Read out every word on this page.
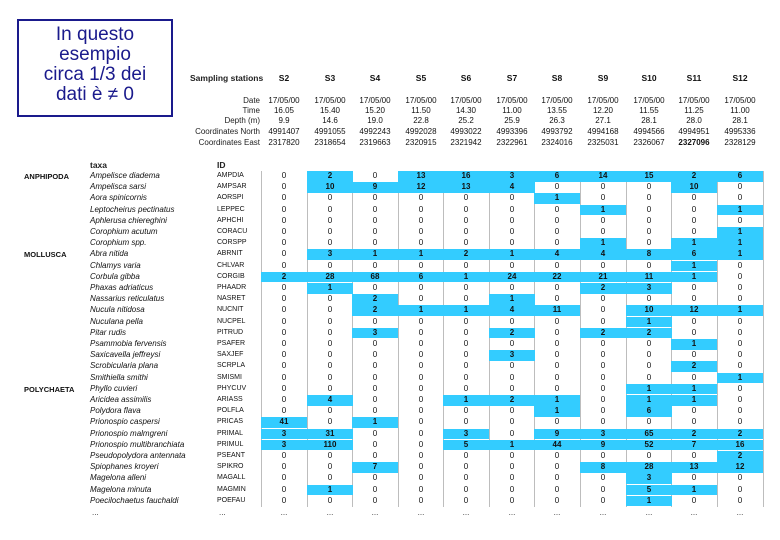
In questo
esempio
circa 1/3 dei
dati è ≠ 0
Sampling stations	S2	S3	S4	S5	S6	S7	S8	S9	S10	S11	S12
Date	17/05/00	17/05/00	17/05/00	17/05/00	17/05/00	17/05/00	17/05/00	17/05/00	17/05/00	17/05/00	17/05/00
Time	16.05	15.40	15.20	11.50	14.30	11.00	13.55	12.20	11.55	11.25	11.00
Depth (m)	9.9	14.6	19.0	22.8	25.2	25.9	26.3	27.1	28.1	28.0	28.1
Coordinates North	4991407	4991055	4992243	4992028	4993022	4993396	4993792	4994168	4994566	4994951	4995336
Coordinates East	2317820	2318654	2319663	2320915	2321942	2322961	2324016	2325031	2326067	2327096	2328129
taxa	ID
ANPHIPODA	Ampelisce diadema	AMPDIA	0	2	0	13	16	3	6	14	15	2	6
Ampelisca sarsi	AMPSAR	0	10	9	12	13	4	0	0	0	10	0
Aora spinicornis	AORSPI	0	0	0	0	0	0	1	0	0	0	0
Leptocheirus pectinatus	LEPPEC	0	0	0	0	0	0	0	1	0	0	1
Aphlerusa chiereghini	APHCHI	0	0	0	0	0	0	0	0	0	0	0
Corophium acutum	CORACU	0	0	0	0	0	0	0	0	0	0	1
Corophium spp.	CORSPP	0	0	0	0	0	0	0	1	0	1	1
MOLLUSCA	Abra nitida	ABRNIT	0	3	1	1	2	1	4	4	8	6	1
Chlamys varia	CHLVAR	0	0	0	0	0	0	0	0	0	1	0
Corbula gibba	CORGIB	2	28	68	6	1	24	22	21	11	1	0
Phaxas adriaticus	PHAADR	0	1	0	0	0	0	0	2	3	0	0
Nassarius reticulatus	NASRET	0	0	2	0	0	1	0	0	0	0	0
Nucula nitidosa	NUCNIT	0	0	2	1	1	4	11	0	10	12	1
Nuculana pella	NUCPEL	0	0	0	0	0	0	0	0	1	0	0
Pitar rudis	PITRUD	0	0	3	0	0	2	0	2	2	0	0
Psammobia fervensis	PSAFER	0	0	0	0	0	0	0	0	0	1	0
Saxicavella jeffreysi	SAXJEF	0	0	0	0	0	3	0	0	0	0	0
Scrobicularia plana	SCRPLA	0	0	0	0	0	0	0	0	0	2	0
Smithiella smithi	SMISMI	0	0	0	0	0	0	0	0	0	0	1
POLYCHAETA Phyllo cuvieri	PHYCUV	0	0	0	0	0	0	0	0	1	1	0
Aricidea assimilis	ARIASS	0	4	0	0	1	2	1	0	1	1	0
Polydora flava	POLFLA	0	0	0	0	0	0	1	0	6	0	0
Prionospio caspersi	PRICAS	41	0	1	0	0	0	0	0	0	0	0
Prionospio malmgreni	PRIMAL	3	31	0	0	3	0	9	3	65	2	2
Prionospio multibranchiata	PRIMUL	3	110	0	0	5	1	44	9	52	7	16
Pseudopolydora antennata	PSEANT	0	0	0	0	0	0	0	0	0	0	2
Spiophanes kroyeri	SPIKRO	0	0	7	0	0	0	0	8	28	13	12
Magelona alleni	MAGALL	0	0	0	0	0	0	0	0	3	0	0
Magelona minuta	MAGMIN	0	1	0	0	0	0	0	0	5	1	0
Poecilochaetus fauchaldi	POEFAU	0	0	0	0	0	0	0	0	1	0	0
...	...	...	...	...	...	...	...	...	...	...	...	...
